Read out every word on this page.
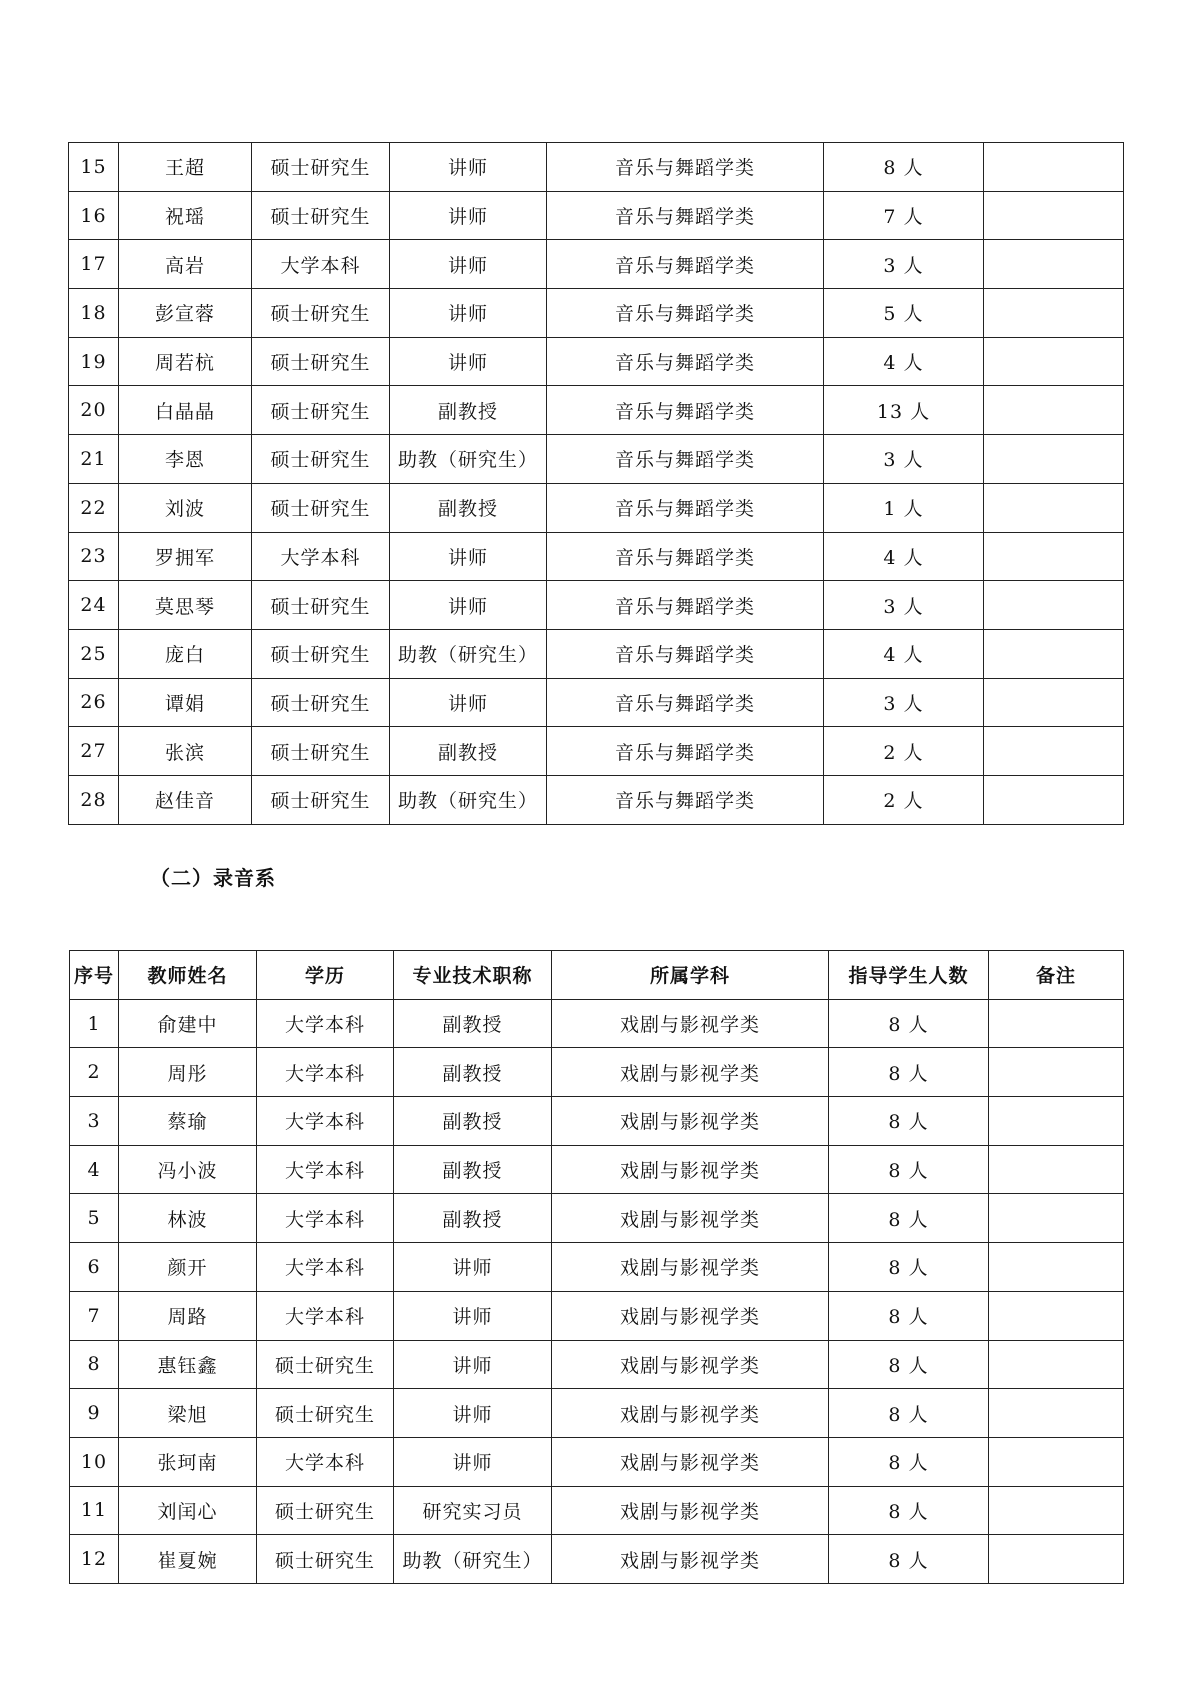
15	王超	硕士研究生	讲师	音乐与舞蹈学类	8 人	
16	祝瑶	硕士研究生	讲师	音乐与舞蹈学类	7 人	
17	高岩	大学本科	讲师	音乐与舞蹈学类	3 人	
18	彭宣蓉	硕士研究生	讲师	音乐与舞蹈学类	5 人	
19	周若杭	硕士研究生	讲师	音乐与舞蹈学类	4 人	
20	白晶晶	硕士研究生	副教授	音乐与舞蹈学类	13 人	
21	李恩	硕士研究生	助教（研究生）	音乐与舞蹈学类	3 人	
22	刘波	硕士研究生	副教授	音乐与舞蹈学类	1 人	
23	罗拥军	大学本科	讲师	音乐与舞蹈学类	4 人	
24	莫思琴	硕士研究生	讲师	音乐与舞蹈学类	3 人	
25	庞白	硕士研究生	助教（研究生）	音乐与舞蹈学类	4 人	
26	谭娟	硕士研究生	讲师	音乐与舞蹈学类	3 人	
27	张滨	硕士研究生	副教授	音乐与舞蹈学类	2 人	
28	赵佳音	硕士研究生	助教（研究生）	音乐与舞蹈学类	2 人	
（二）录音系
序号	教师姓名	学历	专业技术职称	所属学科	指导学生人数	备注
1	俞建中	大学本科	副教授	戏剧与影视学类	8 人	
2	周彤	大学本科	副教授	戏剧与影视学类	8 人	
3	蔡瑜	大学本科	副教授	戏剧与影视学类	8 人	
4	冯小波	大学本科	副教授	戏剧与影视学类	8 人	
5	林波	大学本科	副教授	戏剧与影视学类	8 人	
6	颜开	大学本科	讲师	戏剧与影视学类	8 人	
7	周路	大学本科	讲师	戏剧与影视学类	8 人	
8	惠钰鑫	硕士研究生	讲师	戏剧与影视学类	8 人	
9	梁旭	硕士研究生	讲师	戏剧与影视学类	8 人	
10	张珂南	大学本科	讲师	戏剧与影视学类	8 人	
11	刘闰心	硕士研究生	研究实习员	戏剧与影视学类	8 人	
12	崔夏婉	硕士研究生	助教（研究生）	戏剧与影视学类	8 人	
